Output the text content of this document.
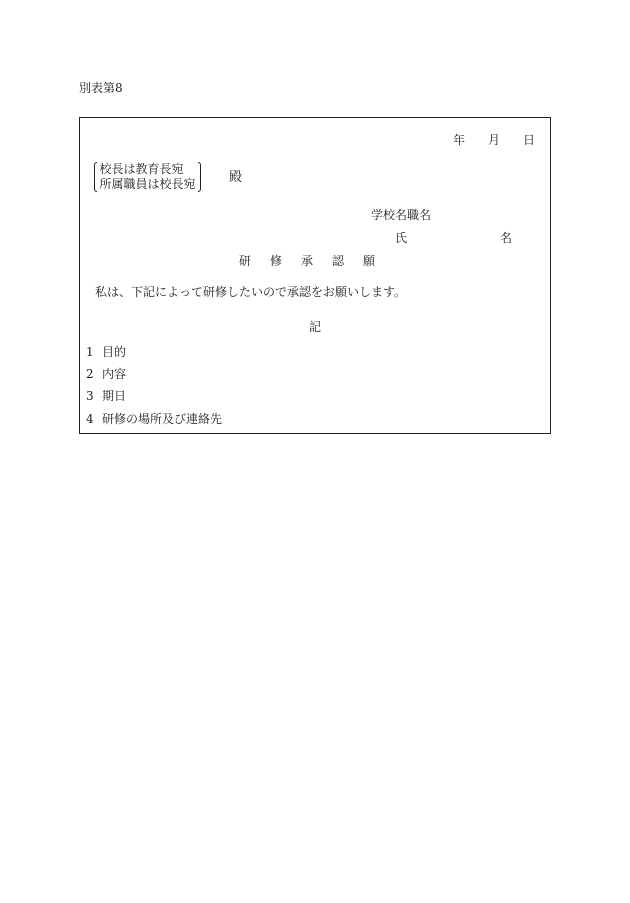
別表第8
年 月 日
校長は教育長宛
所属職員は校長宛	殿
学校名職名
氏	名
研修承認願
私は、下記によって研修したいので承認をお願いします。
記
1 目的
2 内容
3 期日
4 研修の場所及び連絡先
